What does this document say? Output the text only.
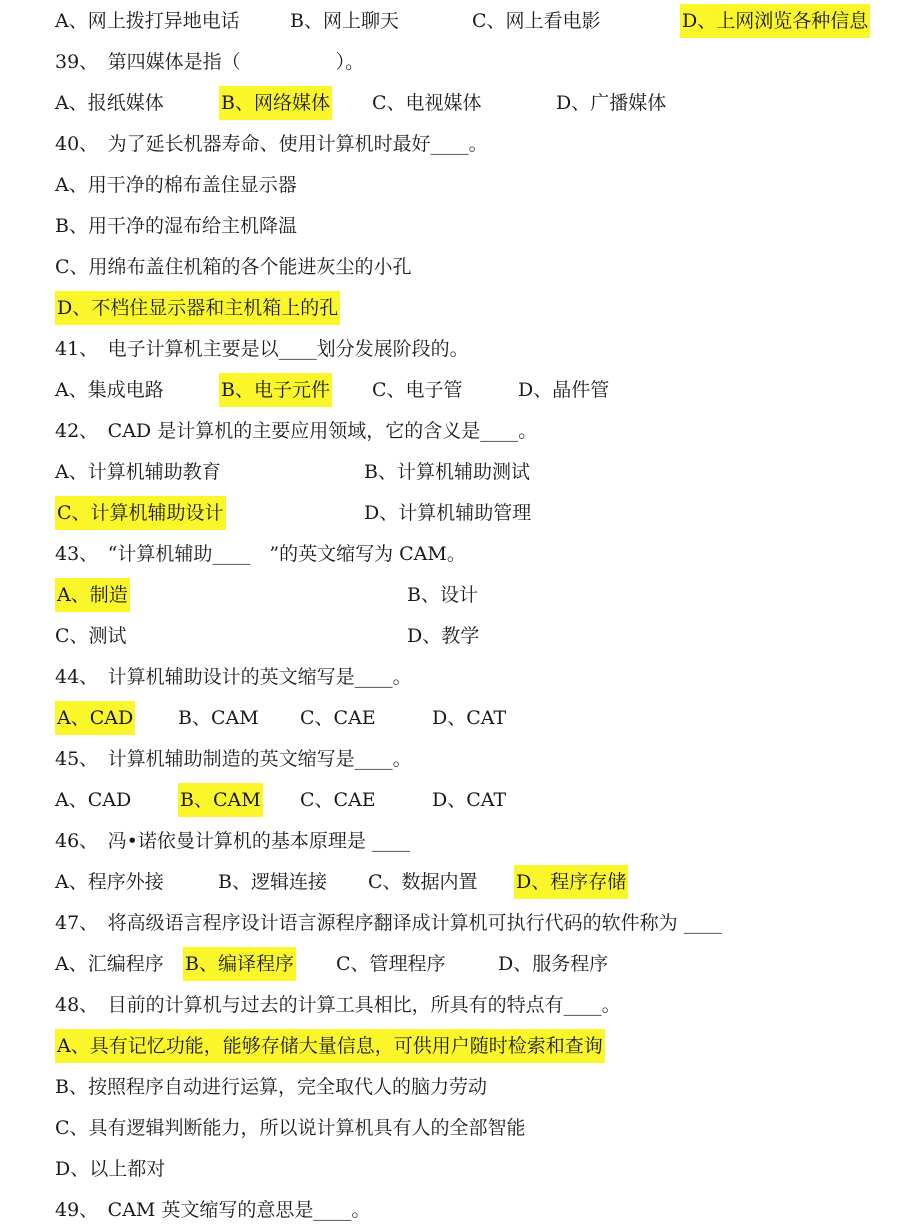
A、网上拨打异地电话	B、网上聊天	C、网上看电影	D、上网浏览各种信息
39、　第四媒体是指（　　　　　）。
A、报纸媒体	B、网络媒体 C、电视媒体	D、广播媒体
40、　为了延长机器寿命、使用计算机时最好____。
A、用干净的棉布盖住显示器
B、用干净的湿布给主机降温
C、用绵布盖住机箱的各个能进灰尘的小孔
D、不档住显示器和主机箱上的孔
41、　电子计算机主要是以____划分发展阶段的。
A、集成电路	B、电子元件 C、电子管	D、晶件管
42、　CAD 是计算机的主要应用领域，它的含义是____。
A、计算机辅助教育	B、计算机辅助测试
C、计算机辅助设计	D、计算机辅助管理
43、　“计算机辅助____　”的英文缩写为 CAM。
A、制造	B、设计
C、测试	D、教学
44、　计算机辅助设计的英文缩写是____。
A、CAD B、CAM C、CAE	D、CAT
45、　计算机辅助制造的英文缩写是____。
A、CAD	B、CAM C、CAE	D、CAT
46、　冯•诺依曼计算机的基本原理是 ____
A、程序外接	B、逻辑连接 C、数据内置 D、程序存储
47、　将高级语言程序设计语言源程序翻译成计算机可执行代码的软件称为 ____
A、汇编程序 B、编译程序 C、管理程序	D、服务程序
48、　目前的计算机与过去的计算工具相比，所具有的特点有____。
A、具有记忆功能，能够存储大量信息，可供用户随时检索和查询
B、按照程序自动进行运算，完全取代人的脑力劳动
C、具有逻辑判断能力，所以说计算机具有人的全部智能
D、以上都对
49、　CAM 英文缩写的意思是____。
